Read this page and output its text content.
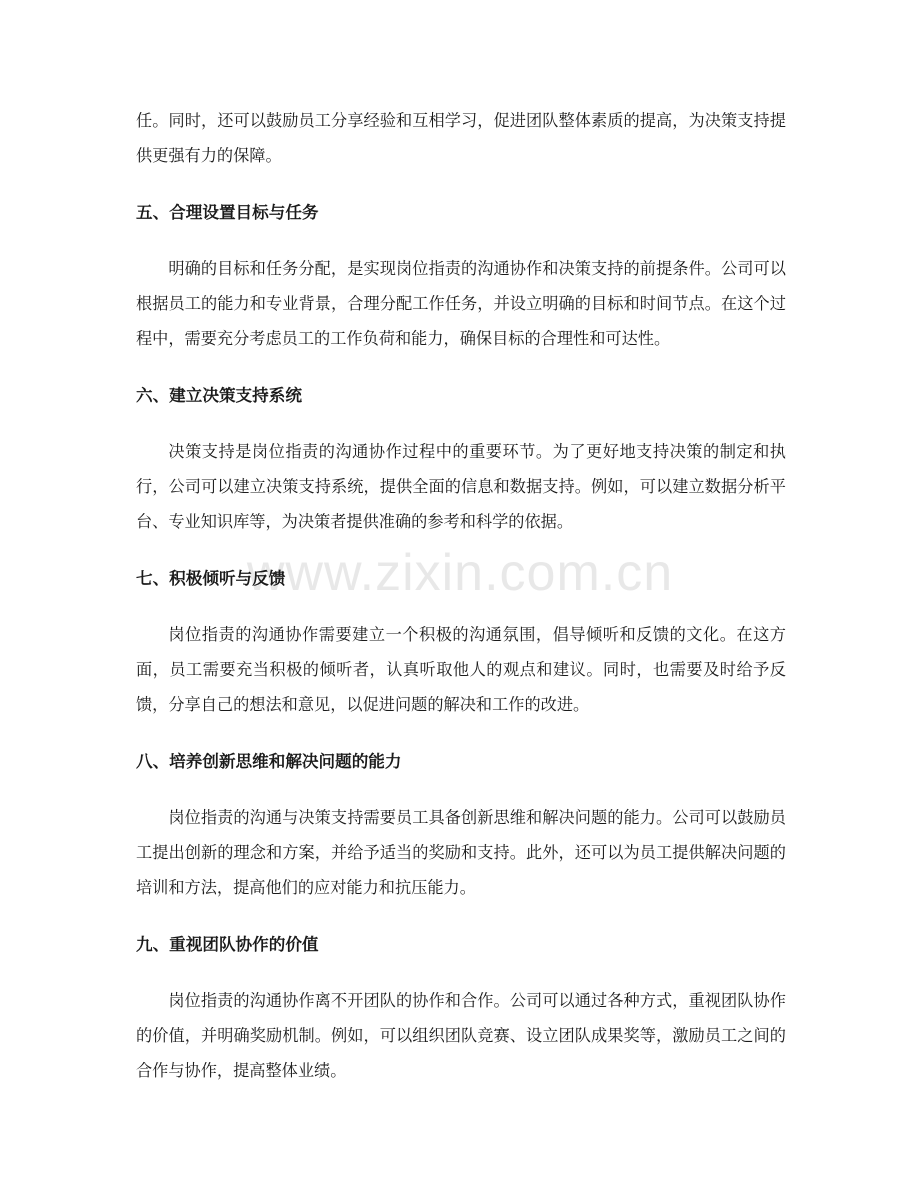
www.zixin.com.cn

任。同时，还可以鼓励员工分享经验和互相学习，促进团队整体素质的提高，为决策支持提供更强有力的保障。

五、合理设置目标与任务

明确的目标和任务分配，是实现岗位指责的沟通协作和决策支持的前提条件。公司可以根据员工的能力和专业背景，合理分配工作任务，并设立明确的目标和时间节点。在这个过程中，需要充分考虑员工的工作负荷和能力，确保目标的合理性和可达性。

六、建立决策支持系统

决策支持是岗位指责的沟通协作过程中的重要环节。为了更好地支持决策的制定和执行，公司可以建立决策支持系统，提供全面的信息和数据支持。例如，可以建立数据分析平台、专业知识库等，为决策者提供准确的参考和科学的依据。

七、积极倾听与反馈

岗位指责的沟通协作需要建立一个积极的沟通氛围，倡导倾听和反馈的文化。在这方面，员工需要充当积极的倾听者，认真听取他人的观点和建议。同时，也需要及时给予反馈，分享自己的想法和意见，以促进问题的解决和工作的改进。

八、培养创新思维和解决问题的能力

岗位指责的沟通与决策支持需要员工具备创新思维和解决问题的能力。公司可以鼓励员工提出创新的理念和方案，并给予适当的奖励和支持。此外，还可以为员工提供解决问题的培训和方法，提高他们的应对能力和抗压能力。

九、重视团队协作的价值

岗位指责的沟通协作离不开团队的协作和合作。公司可以通过各种方式，重视团队协作的价值，并明确奖励机制。例如，可以组织团队竞赛、设立团队成果奖等，激励员工之间的合作与协作，提高整体业绩。
